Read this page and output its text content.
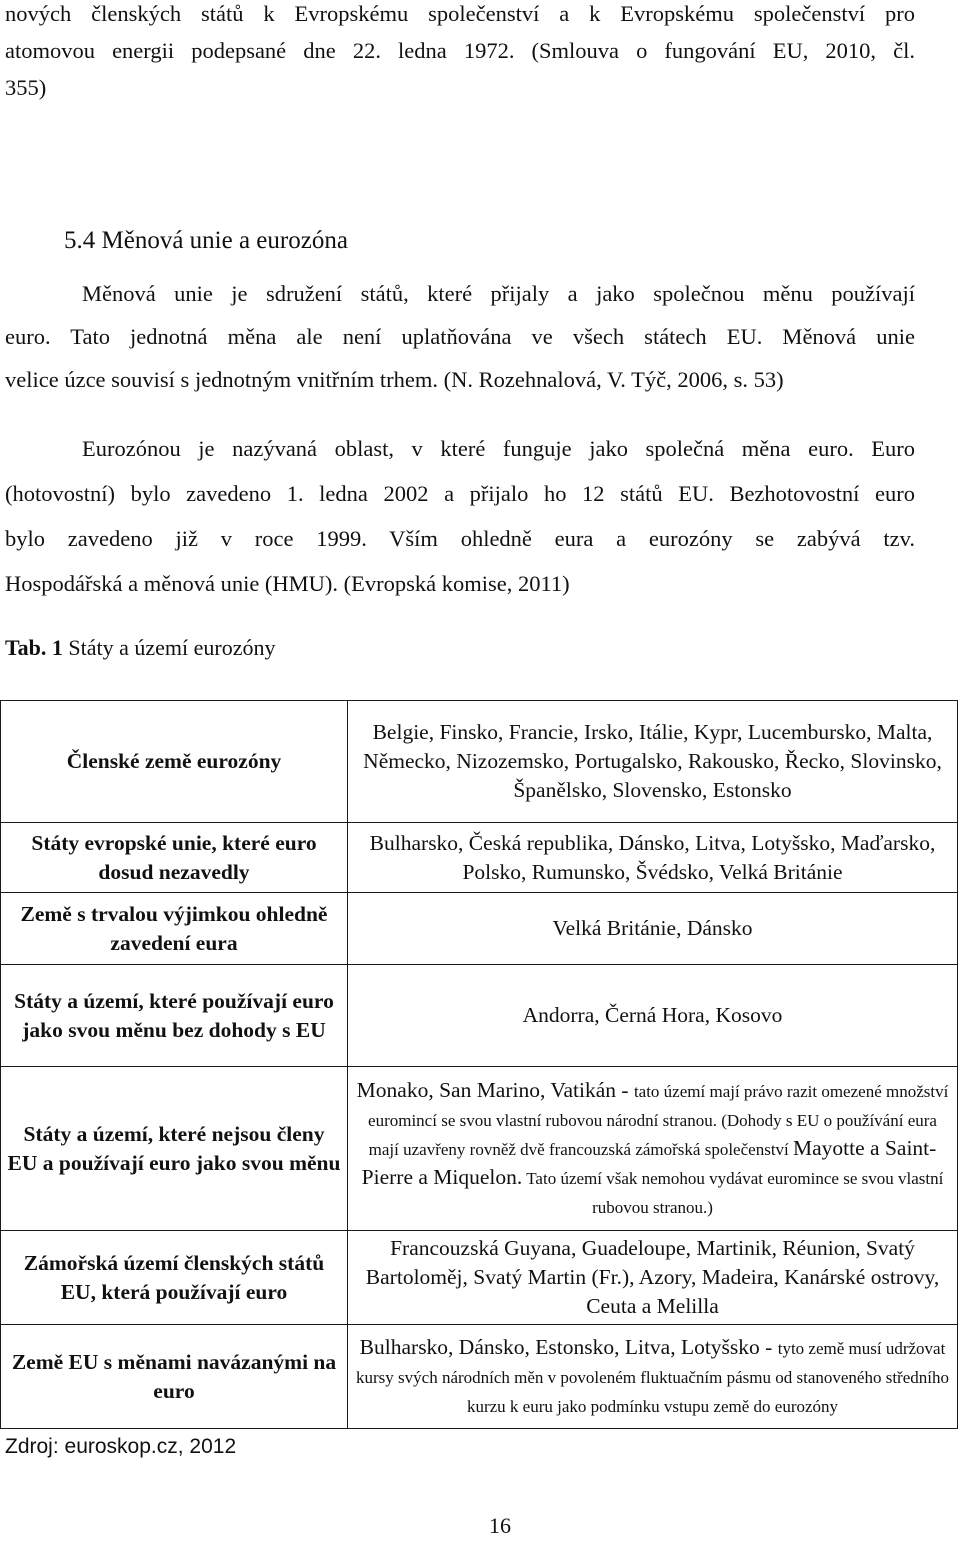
nových členských států k Evropskému společenství a k Evropskému společenství pro
atomovou energii podepsané dne 22. ledna 1972. (Smlouva o fungování EU, 2010, čl.
355)
5.4 Měnová unie a eurozóna
Měnová unie je sdružení států, které přijaly a jako společnou měnu používají
euro. Tato jednotná měna ale není uplatňována ve všech státech EU. Měnová unie
velice úzce souvisí s jednotným vnitřním trhem. (N. Rozehnalová, V. Týč, 2006, s. 53)
Eurozónou je nazývaná oblast, v které funguje jako společná měna euro. Euro
(hotovostní) bylo zavedeno 1. ledna 2002 a přijalo ho 12 států EU. Bezhotovostní euro
bylo zavedeno již v roce 1999. Vším ohledně eura a eurozóny se zabývá tzv.
Hospodářská a měnová unie (HMU). (Evropská komise, 2011)
Tab. 1 Státy a území eurozóny
Členské země eurozóny	Belgie, Finsko, Francie, Irsko, Itálie, Kypr, Lucembursko, Malta, Německo, Nizozemsko, Portugalsko, Rakousko, Řecko, Slovinsko, Španělsko, Slovensko, Estonsko
Státy evropské unie, které euro dosud nezavedly	Bulharsko, Česká republika, Dánsko, Litva, Lotyšsko, Maďarsko, Polsko, Rumunsko, Švédsko, Velká Británie
Země s trvalou výjimkou ohledně zavedení eura	Velká Británie, Dánsko
Státy a území, které používají euro jako svou měnu bez dohody s EU	Andorra, Černá Hora, Kosovo
Státy a území, které nejsou členy EU a používají euro jako svou měnu	Monako, San Marino, Vatikán - tato území mají právo razit omezené množství euromincí se svou vlastní rubovou národní stranou. (Dohody s EU o používání eura mají uzavřeny rovněž dvě francouzská zámořská společenství Mayotte a Saint-Pierre a Miquelon. Tato území však nemohou vydávat euromince se svou vlastní rubovou stranou.)
Zámořská území členských států EU, která používají euro	Francouzská Guyana, Guadeloupe, Martinik, Réunion, Svatý Bartoloměj, Svatý Martin (Fr.), Azory, Madeira, Kanárské ostrovy, Ceuta a Melilla
Země EU s měnami navázanými na euro	Bulharsko, Dánsko, Estonsko, Litva, Lotyšsko - tyto země musí udržovat kursy svých národních měn v povoleném fluktuačním pásmu od stanoveného středního kurzu k euru jako podmínku vstupu země do eurozóny
Zdroj: euroskop.cz, 2012
16
